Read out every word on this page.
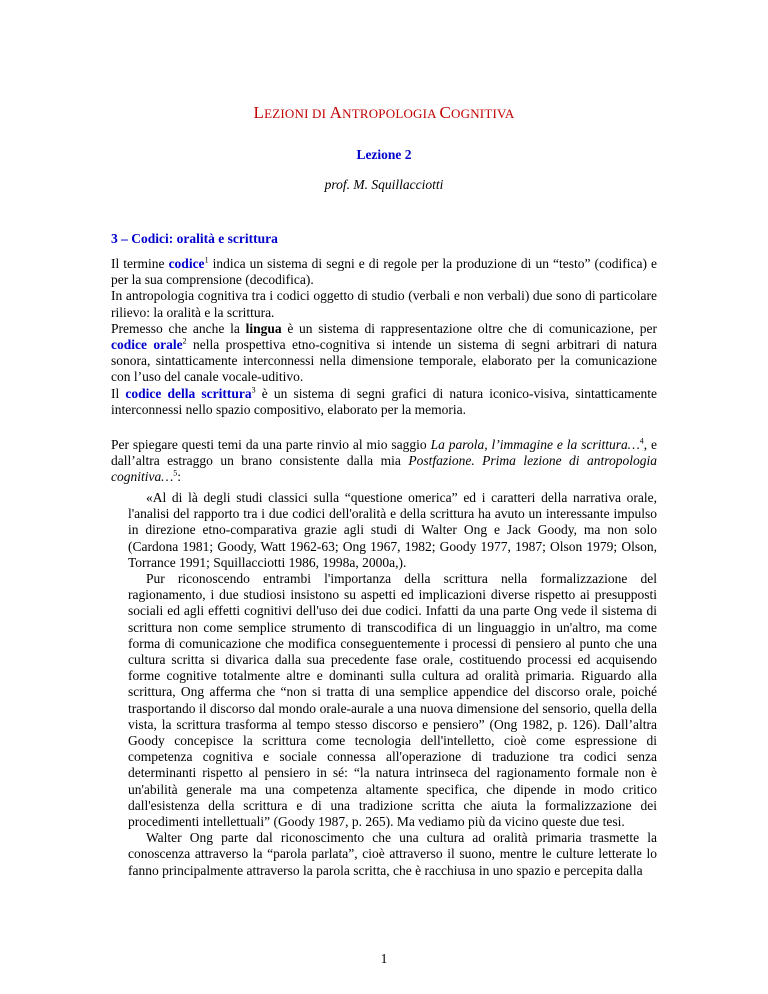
LEZIONI DI ANTROPOLOGIA COGNITIVA
Lezione 2
prof. M. Squillacciotti
3 – Codici: oralità e scrittura

Il termine codice$^1$ indica un sistema di segni e di regole per la produzione di un “testo” (codifica) e per la sua comprensione (decodifica).

In antropologia cognitiva tra i codici oggetto di studio (verbali e non verbali) due sono di particolare rilievo: la oralità e la scrittura.

Premesso che anche la lingua è un sistema di rappresentazione oltre che di comunicazione, per codice orale$^2$ nella prospettiva etno-cognitiva si intende un sistema di segni arbitrari di natura sonora, sintatticamente interconnessi nella dimensione temporale, elaborato per la comunicazione con l’uso del canale vocale-uditivo.

Il codice della scrittura$^3$ è un sistema di segni grafici di natura iconico-visiva, sintatticamente interconnessi nello spazio compositivo, elaborato per la memoria.

Per spiegare questi temi da una parte rinvio al mio saggio La parola, l’immagine e la scrittura…$^4$, e dall’altra estraggo un brano consistente dalla mia Postfazione. Prima lezione di antropologia cognitiva…$^5$:

«Al di là degli studi classici sulla “questione omerica” ed i caratteri della narrativa orale, l'analisi del rapporto tra i due codici dell'oralità e della scrittura ha avuto un interessante impulso in direzione etno-comparativa grazie agli studi di Walter Ong e Jack Goody, ma non solo (Cardona 1981; Goody, Watt 1962-63; Ong 1967, 1982; Goody 1977, 1987; Olson 1979; Olson, Torrance 1991; Squillacciotti 1986, 1998a, 2000a,).

Pur riconoscendo entrambi l'importanza della scrittura nella formalizzazione del ragionamento, i due studiosi insistono su aspetti ed implicazioni diverse rispetto ai presupposti sociali ed agli effetti cognitivi dell'uso dei due codici. Infatti da una parte Ong vede il sistema di scrittura non come semplice strumento di transcodifica di un linguaggio in un'altro, ma come forma di comunicazione che modifica conseguentemente i processi di pensiero al punto che una cultura scritta si divarica dalla sua precedente fase orale, costituendo processi ed acquisendo forme cognitive totalmente altre e dominanti sulla cultura ad oralità primaria. Riguardo alla scrittura, Ong afferma che “non si tratta di una semplice appendice del discorso orale, poiché trasportando il discorso dal mondo orale-aurale a una nuova dimensione del sensorio, quella della vista, la scrittura trasforma al tempo stesso discorso e pensiero” (Ong 1982, p. 126). Dall’altra Goody concepisce la scrittura come tecnologia dell'intelletto, cioè come espressione di competenza cognitiva e sociale connessa all'operazione di traduzione tra codici senza determinanti rispetto al pensiero in sé: “la natura intrinseca del ragionamento formale non è un'abilità generale ma una competenza altamente specifica, che dipende in modo critico dall'esistenza della scrittura e di una tradizione scritta che aiuta la formalizzazione dei procedimenti intellettuali” (Goody 1987, p. 265). Ma vediamo più da vicino queste due tesi.

Walter Ong parte dal riconoscimento che una cultura ad oralità primaria trasmette la conoscenza attraverso la “parola parlata”, cioè attraverso il suono, mentre le culture letterate lo fanno principalmente attraverso la parola scritta, che è racchiusa in uno spazio e percepita dalla

1
